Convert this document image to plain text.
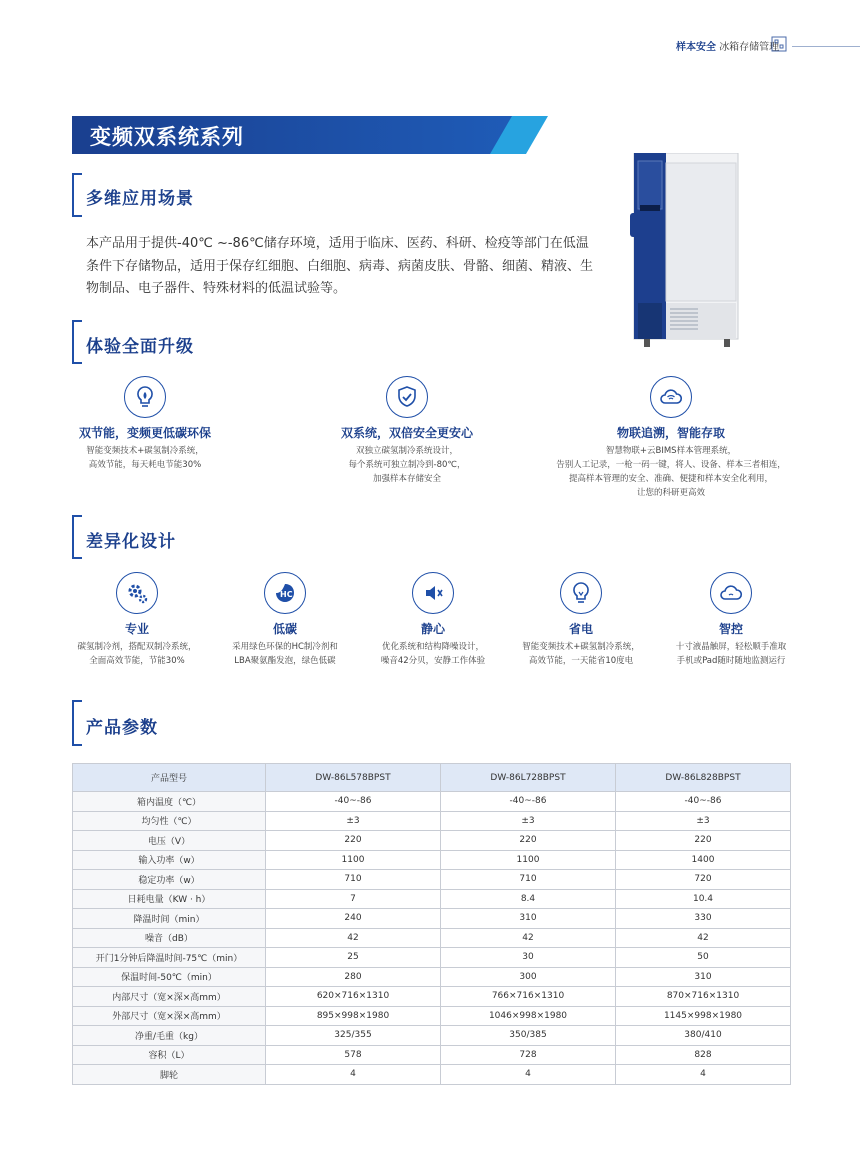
样本安全 冰箱存储管理
变频双系统系列
多维应用场景
本产品用于提供-40℃ ~-86℃储存环境，适用于临床、医药、科研、检疫等部门在低温
条件下存储物品，适用于保存红细胞、白细胞、病毒、病菌皮肤、骨骼、细菌、精液、生
物制品、电子器件、特殊材料的低温试验等。
体验全面升级
双节能，变频更低碳环保
智能变频技术+碳氢制冷系统，
高效节能，每天耗电节能30%
双系统，双倍安全更安心
双独立碳氢制冷系统设计，
每个系统可独立制冷到-80℃，
加强样本存储安全
物联追溯，智能存取
智慧物联+云BIMS样本管理系统，
告别人工记录，一枪一码一键，将人、设备、样本三者相连，
提高样本管理的安全、准确、便捷和样本安全化利用，
让您的科研更高效
差异化设计
专业
碳氢制冷剂，搭配双制冷系统，
全面高效节能，节能30%
HC
低碳
采用绿色环保的HC制冷剂和
LBA聚氨酯发泡，绿色低碳
静心
优化系统和结构降噪设计，
噪音42分贝，安静工作体验
省电
智能变频技术+碳氢制冷系统，
高效节能，一天能省10度电
智控
十寸液晶触屏，轻松顺手准取
手机或Pad随时随地监测运行
产品参数
产品型号	DW-86L578BPST	DW-86L728BPST	DW-86L828BPST
箱内温度（℃）	-40~-86	-40~-86	-40~-86
均匀性（℃）	±3	±3	±3
电压（V）	220	220	220
输入功率（w）	1100	1100	1400
稳定功率（w）	710	710	720
日耗电量（KW · h）	7	8.4	10.4
降温时间（min）	240	310	330
噪音（dB）	42	42	42
开门1分钟后降温时间-75℃（min）	25	30	50
保温时间-50℃（min）	280	300	310
内部尺寸（宽×深×高mm）	620×716×1310	766×716×1310	870×716×1310
外部尺寸（宽×深×高mm）	895×998×1980	1046×998×1980	1145×998×1980
净重/毛重（kg）	325/355	350/385	380/410
容积（L）	578	728	828
脚轮	4	4	4
